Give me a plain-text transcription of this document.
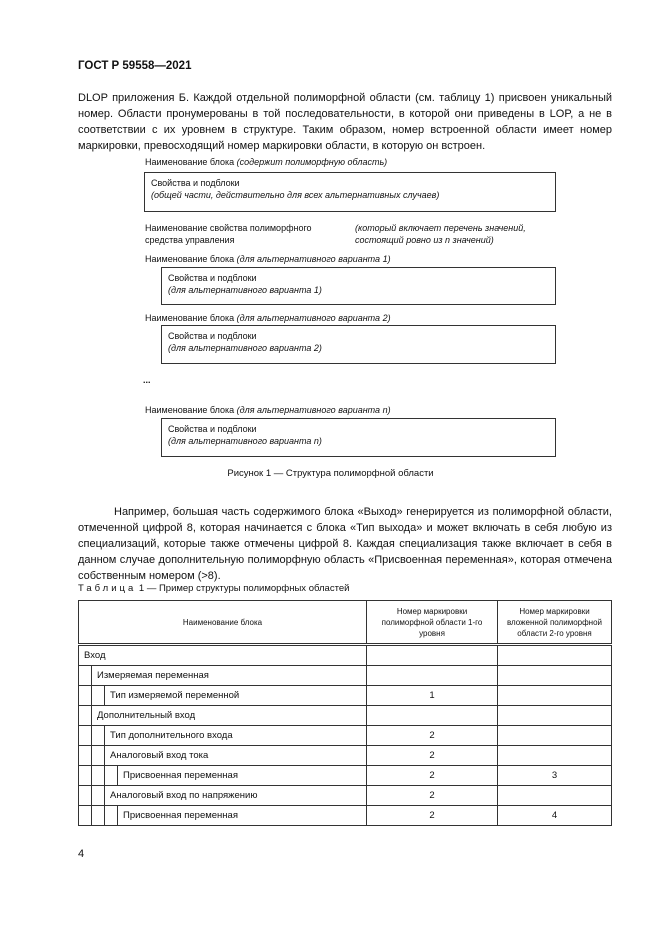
ГОСТ Р 59558—2021
DLOP приложения Б. Каждой отдельной полиморфной области (см. таблицу 1) присвоен уникальный номер. Области пронумерованы в той последовательности, в которой они приведены в LOP, а не в соответствии с их уровнем в структуре. Таким образом, номер встроенной области имеет номер маркировки, превосходящий номер маркировки области, в которую он встроен.
Наименование блока (содержит полиморфную область)
Свойства и подблоки
(общей части, действительно для всех альтернативных случаев)
Наименование свойства полиморфного
средства управления
(который включает перечень значений,
состоящий ровно из n значений)
Наименование блока (для альтернативного варианта 1)
Свойства и подблоки
(для альтернативного варианта 1)
Наименование блока (для альтернативного варианта 2)
Свойства и подблоки
(для альтернативного варианта 2)
...
Наименование блока (для альтернативного варианта n)
Свойства и подблоки
(для альтернативного варианта n)
Рисунок 1 — Структура полиморфной области
Например, большая часть содержимого блока «Выход» генерируется из полиморфной области, отмеченной цифрой 8, которая начинается с блока «Тип выхода» и может включать в себя любую из специализаций, которые также отмечены цифрой 8. Каждая специализация также включает в себя в данном случае дополнительную полиморфную область «Присвоенная переменная», которая отмечена собственным номером (>8).
Таблица 1 — Пример структуры полиморфных областей
Наименование блока	Номер маркировки полиморфной области 1-го уровня	Номер маркировки вложенной полиморфной области 2-го уровня

Вход		

Измеряемая переменная		

Тип измеряемой переменной	1	

Дополнительный вход		

Тип дополнительного входа	2	

Аналоговый вход тока	2	

Присвоенная переменная	2	3

Аналоговый вход по напряжению	2	

Присвоенная переменная	2	4
4
